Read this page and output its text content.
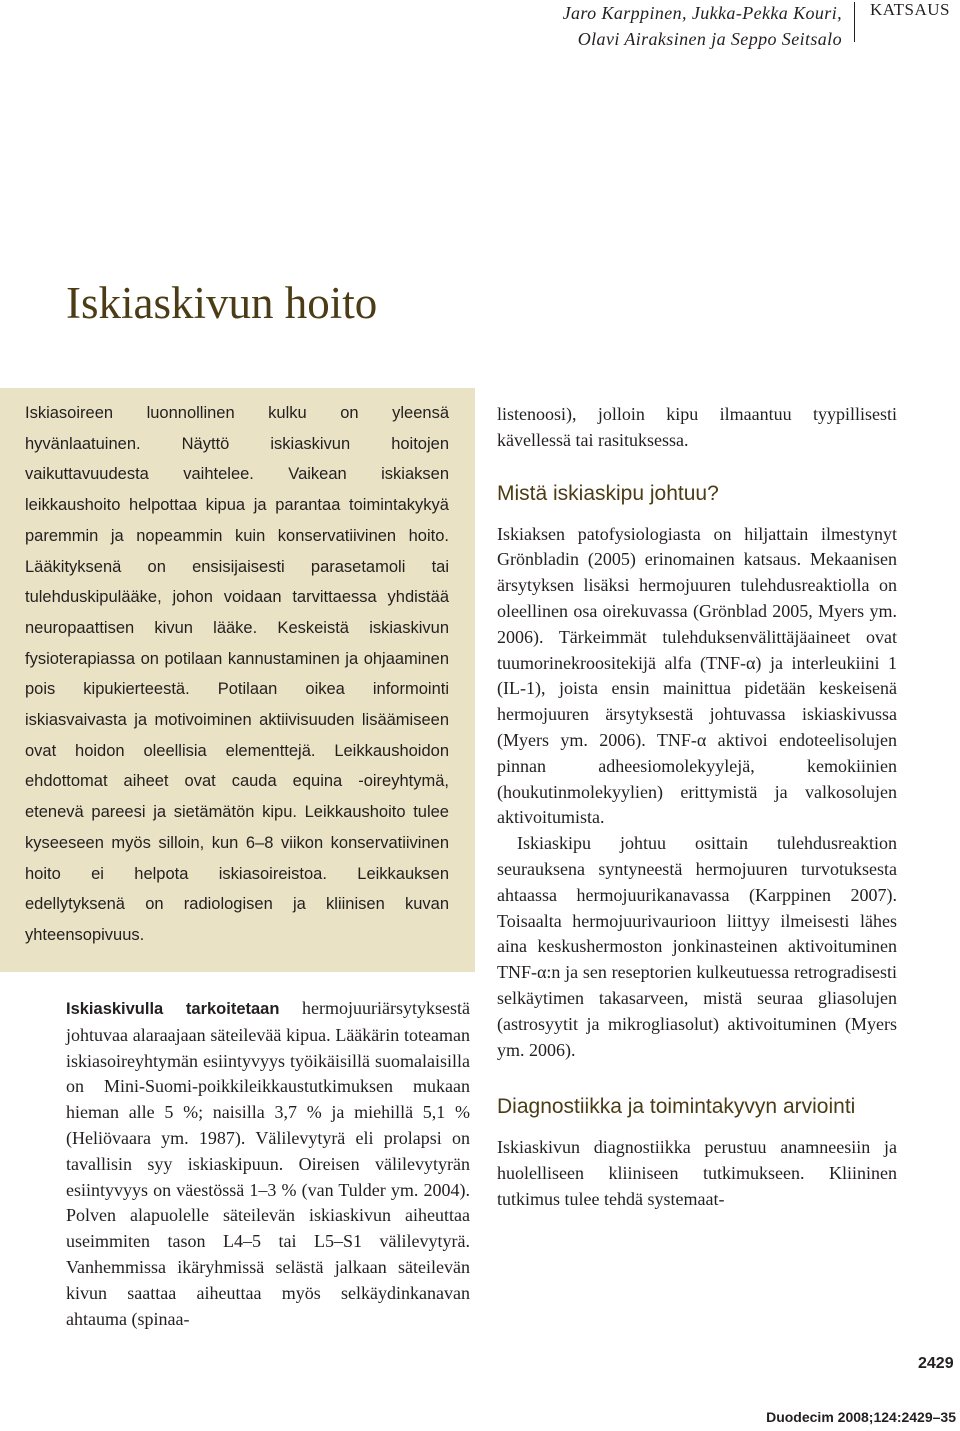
Jaro Karppinen, Jukka-Pekka Kouri,
Olavi Airaksinen ja Seppo Seitsalo
KATSAUS
Iskiaskivun hoito

Iskiasoireen luonnollinen kulku on yleensä hyvänlaatuinen. Näyttö iskiaskivun hoitojen vaikuttavuudesta vaihtelee. Vaikean iskiaksen leikkaushoito helpottaa kipua ja parantaa toimintakykyä paremmin ja nopeammin kuin konservatiivinen hoito. Lääkityksenä on ensisijaisesti parasetamoli tai tulehduskipulääke, johon voidaan tarvittaessa yhdistää neuropaattisen kivun lääke. Keskeistä iskiaskivun fysioterapiassa on potilaan kannustaminen ja ohjaaminen pois kipukierteestä. Potilaan oikea informointi iskiasvaivasta ja motivoiminen aktiivisuuden lisäämiseen ovat hoidon oleellisia elementtejä. Leikkaushoidon ehdottomat aiheet ovat cauda equina -oireyhtymä, etenevä pareesi ja sietämätön kipu. Leikkaushoito tulee kyseeseen myös silloin, kun 6–8 viikon konservatiivinen hoito ei helpota iskiasoireistoa. Leikkauksen edellytyksenä on radiologisen ja kliinisen kuvan yhteensopivuus.

Iskiaskivulla tarkoitetaan hermojuuriärsytyksestä johtuvaa alaraajaan säteilevää kipua. Lääkärin toteaman iskiasoireyhtymän esiintyvyys työikäisillä suomalaisilla on Mini-Suomi-poikkileikkaustutkimuksen mukaan hieman alle 5 %; naisilla 3,7 % ja miehillä 5,1 % (Heliövaara ym. 1987). Välilevytyrä eli prolapsi on tavallisin syy iskiaskipuun. Oireisen välilevytyrän esiintyvyys on väestössä 1–3 % (van Tulder ym. 2004). Polven alapuolelle säteilevän iskiaskivun aiheuttaa useimmiten tason L4–5 tai L5–S1 välilevytyrä. Vanhemmissa ikäryhmissä selästä jalkaan säteilevän kivun saattaa aiheuttaa myös selkäydinkanavan ahtauma (spinaa-

listenoosi), jolloin kipu ilmaantuu tyypillisesti kävellessä tai rasituksessa.

Mistä iskiaskipu johtuu?

Iskiaksen patofysiologiasta on hiljattain ilmestynyt Grönbladin (2005) erinomainen katsaus. Mekaanisen ärsytyksen lisäksi hermojuuren tulehdusreaktiolla on oleellinen osa oirekuvassa (Grönblad 2005, Myers ym. 2006). Tärkeimmät tulehduksenvälittäjäaineet ovat tuumorinekroositekijä alfa (TNF-α) ja interleukiini 1 (IL-1), joista ensin mainittua pidetään keskeisenä hermojuuren ärsytyksestä johtuvassa iskiaskivussa (Myers ym. 2006). TNF-α aktivoi endoteelisolujen pinnan adheesiomolekyylejä, kemokiinien (houkutinmolekyylien) erittymistä ja valkosolujen aktivoitumista.

Iskiaskipu johtuu osittain tulehdusreaktion seurauksena syntyneestä hermojuuren turvotuksesta ahtaassa hermojuurikanavassa (Karppinen 2007). Toisaalta hermojuurivaurioon liittyy ilmeisesti lähes aina keskushermoston jonkinasteinen aktivoituminen TNF-α:n ja sen reseptorien kulkeutuessa retrogradisesti selkäytimen takasarveen, mistä seuraa gliasolujen (astrosyytit ja mikrogliasolut) aktivoituminen (Myers ym. 2006).

Diagnostiikka ja toimintakyvyn arviointi

Iskiaskivun diagnostiikka perustuu anamneesiin ja huolelliseen kliiniseen tutkimukseen. Kliininen tutkimus tulee tehdä systemaat-

2429
Duodecim 2008;124:2429–35
